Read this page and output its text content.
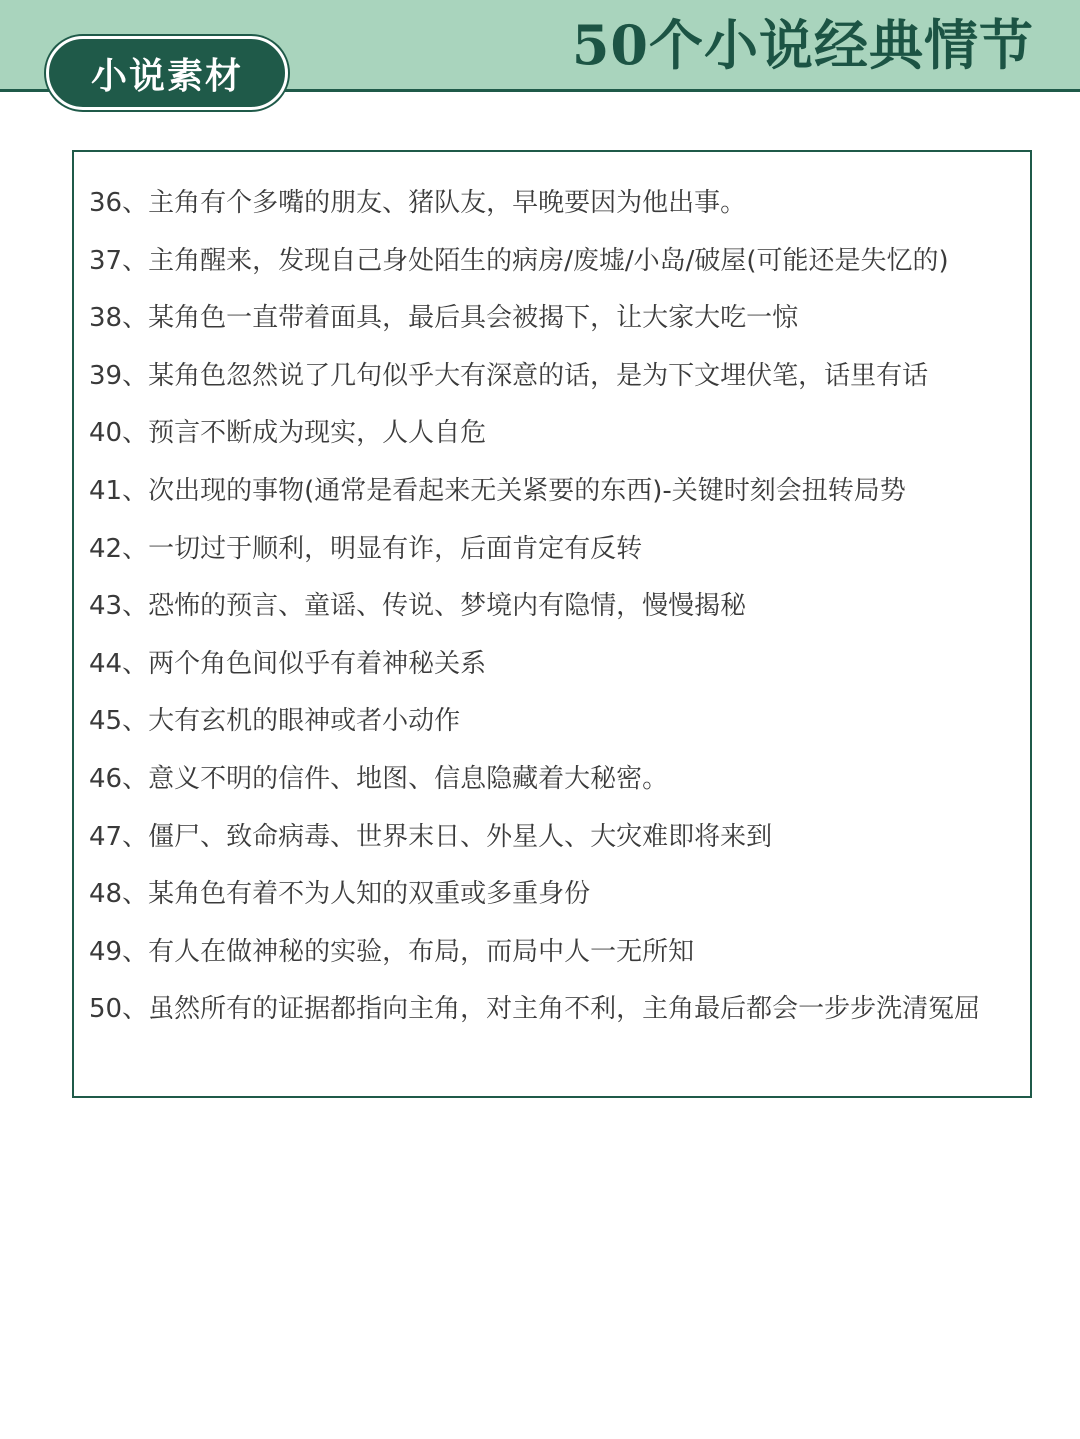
50个小说经典情节
小说素材
36、主角有个多嘴的朋友、猪队友，早晚要因为他出事。
37、主角醒来，发现自己身处陌生的病房/废墟/小岛/破屋(可能还是失忆的)
38、某角色一直带着面具，最后具会被揭下，让大家大吃一惊
39、某角色忽然说了几句似乎大有深意的话，是为下文埋伏笔，话里有话
40、预言不断成为现实，人人自危
41、次出现的事物(通常是看起来无关紧要的东西)-关键时刻会扭转局势
42、一切过于顺利，明显有诈，后面肯定有反转
43、恐怖的预言、童谣、传说、梦境内有隐情，慢慢揭秘
44、两个角色间似乎有着神秘关系
45、大有玄机的眼神或者小动作
46、意义不明的信件、地图、信息隐藏着大秘密。
47、僵尸、致命病毒、世界末日、外星人、大灾难即将来到
48、某角色有着不为人知的双重或多重身份
49、有人在做神秘的实验，布局，而局中人一无所知
50、虽然所有的证据都指向主角，对主角不利，主角最后都会一步步洗清冤屈
